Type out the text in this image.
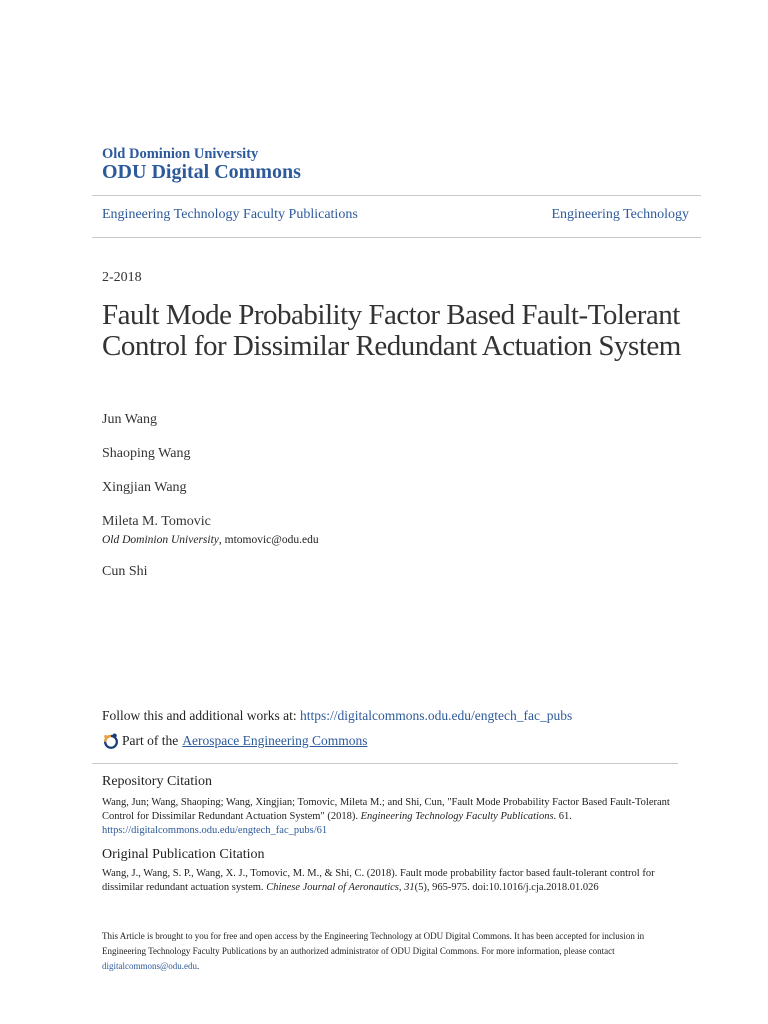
Old Dominion University
ODU Digital Commons
Engineering Technology Faculty Publications	Engineering Technology
2-2018
Fault Mode Probability Factor Based Fault-Tolerant Control for Dissimilar Redundant Actuation System
Jun Wang
Shaoping Wang
Xingjian Wang
Mileta M. Tomovic
Old Dominion University, mtomovic@odu.edu
Cun Shi
Follow this and additional works at: https://digitalcommons.odu.edu/engtech_fac_pubs
Part of the Aerospace Engineering Commons
Repository Citation
Wang, Jun; Wang, Shaoping; Wang, Xingjian; Tomovic, Mileta M.; and Shi, Cun, "Fault Mode Probability Factor Based Fault-Tolerant Control for Dissimilar Redundant Actuation System" (2018). Engineering Technology Faculty Publications. 61.
https://digitalcommons.odu.edu/engtech_fac_pubs/61
Original Publication Citation
Wang, J., Wang, S. P., Wang, X. J., Tomovic, M. M., & Shi, C. (2018). Fault mode probability factor based fault-tolerant control for dissimilar redundant actuation system. Chinese Journal of Aeronautics, 31(5), 965-975. doi:10.1016/j.cja.2018.01.026
This Article is brought to you for free and open access by the Engineering Technology at ODU Digital Commons. It has been accepted for inclusion in Engineering Technology Faculty Publications by an authorized administrator of ODU Digital Commons. For more information, please contact digitalcommons@odu.edu.
